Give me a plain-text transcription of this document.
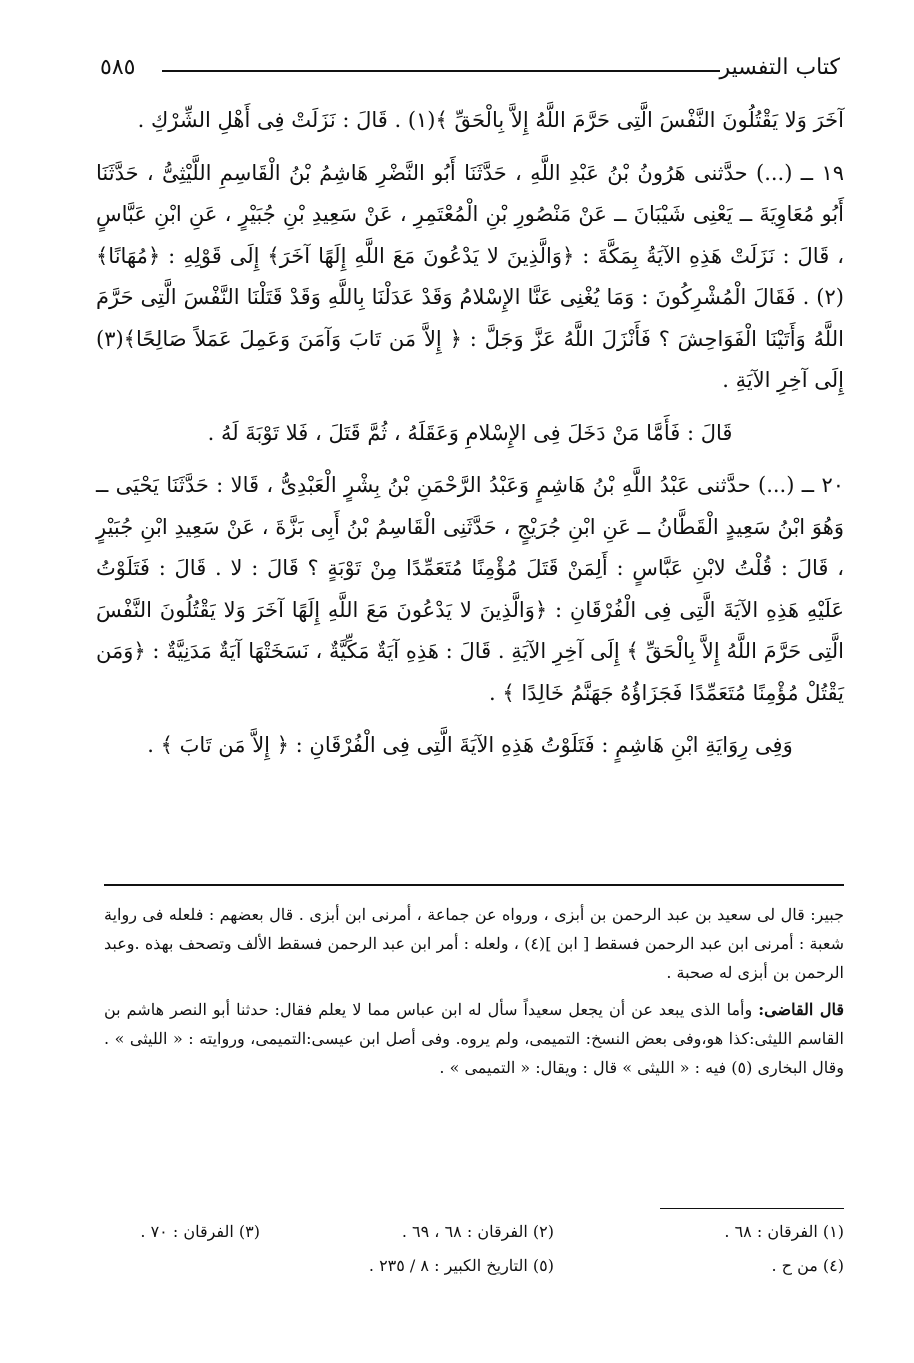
كتاب التفسير
٥٨٥

آخَرَ وَلا يَقْتُلُونَ النَّفْسَ الَّتِى حَرَّمَ اللَّهُ إِلاَّ بِالْحَقِّ ﴾(١) . قَالَ : نَزَلَتْ فِى أَهْلِ الشِّرْكِ .

١٩ ــ (...) حدَّثنى هَرُونُ بْنُ عَبْدِ اللَّهِ ، حَدَّثَنَا أَبُو النَّضْرِ هَاشِمُ بْنُ الْقَاسِمِ اللَّيْثِىُّ ، حَدَّثَنَا أَبُو مُعَاوِيَةَ ــ يَعْنِى شَيْبَانَ ــ عَنْ مَنْصُورِ بْنِ الْمُعْتَمِرِ ، عَنْ سَعِيدِ بْنِ جُبَيْرٍ ، عَنِ ابْنِ عَبَّاسٍ ، قَالَ : نَزَلَتْ هَذِهِ الآيَةُ بِمَكَّةَ : ﴿وَالَّذِينَ لا يَدْعُونَ مَعَ اللَّهِ إِلَهًا آخَرَ﴾ إِلَى قَوْلِهِ : ﴿مُهَانًا﴾(٢) . فَقَالَ الْمُشْرِكُونَ : وَمَا يُغْنِى عَنَّا الإِسْلامُ وَقَدْ عَدَلْنَا بِاللَّهِ وَقَدْ قَتَلْنَا النَّفْسَ الَّتِى حَرَّمَ اللَّهُ وَأَتَيْنَا الْفَوَاحِشَ ؟ فَأَنْزَلَ اللَّهُ عَزَّ وَجَلَّ : ﴿ إِلاَّ مَن تَابَ وَآمَنَ وَعَمِلَ عَمَلاً صَالِحًا﴾(٣) إِلَى آخِرِ الآيَةِ .

قَالَ : فَأَمَّا مَنْ دَخَلَ فِى الإِسْلامِ وَعَقَلَهُ ، ثُمَّ قَتَلَ ، فَلا تَوْبَةَ لَهُ .

٢٠ ــ (...) حدَّثنى عَبْدُ اللَّهِ بْنُ هَاشِمٍ وَعَبْدُ الرَّحْمَنِ بْنُ بِشْرٍ الْعَبْدِىُّ ، قَالا : حَدَّثَنَا يَحْيَى ــ وَهُوَ ابْنُ سَعِيدٍ الْقَطَّانُ ــ عَنِ ابْنِ جُرَيْجٍ ، حَدَّثَنِى الْقَاسِمُ بْنُ أَبِى بَزَّةَ ، عَنْ سَعِيدِ ابْنِ جُبَيْرٍ ، قَالَ : قُلْتُ لابْنِ عَبَّاسٍ : أَلِمَنْ قَتَلَ مُؤْمِنًا مُتَعَمِّدًا مِنْ تَوْبَةٍ ؟ قَالَ : لا . قَالَ : فَتَلَوْتُ عَلَيْهِ هَذِهِ الآيَةَ الَّتِى فِى الْفُرْقَانِ : ﴿وَالَّذِينَ لا يَدْعُونَ مَعَ اللَّهِ إِلَهًا آخَرَ وَلا يَقْتُلُونَ النَّفْسَ الَّتِى حَرَّمَ اللَّهُ إِلاَّ بِالْحَقِّ ﴾ إِلَى آخِرِ الآيَةِ . قَالَ : هَذِهِ آيَةٌ مَكِّيَّةٌ ، نَسَخَتْهَا آيَةٌ مَدَنِيَّةٌ : ﴿وَمَن يَقْتُلْ مُؤْمِنًا مُتَعَمِّدًا فَجَزَاؤُهُ جَهَنَّمُ خَالِدًا ﴾ .

وَفِى رِوَايَةِ ابْنِ هَاشِمٍ : فَتَلَوْتُ هَذِهِ الآيَةَ الَّتِى فِى الْفُرْقَانِ : ﴿ إِلاَّ مَن تَابَ ﴾ .

جبير: قال لى سعيد بن عبد الرحمن بن أبزى ، ورواه عن جماعة ، أمرنى ابن أبزى . قال بعضهم : فلعله فى رواية شعبة : أمرنى ابن عبد الرحمن فسقط [ ابن ](٤) ، ولعله : أمر ابن عبد الرحمن فسقط الألف وتصحف بهذه .وعبد الرحمن بن أبزى له صحبة .

قال القاضى: وأما الذى يبعد عن أن يجعل سعيداً سأل له ابن عباس مما لا يعلم فقال: حدثنا أبو النصر هاشم بن القاسم الليثى:كذا هو،وفى بعض النسخ: التميمى، ولم يروه. وفى أصل ابن عيسى:التميمى، وروايته : « الليثى » . وقال البخارى (٥) فيه : « الليثى » قال : ويقال: « التميمى » .

(١) الفرقان : ٦٨ .
(٢) الفرقان : ٦٨ ، ٦٩ .
(٣) الفرقان : ٧٠ .
(٤) من ح .
(٥) التاريخ الكبير : ٨ / ٢٣٥ .
